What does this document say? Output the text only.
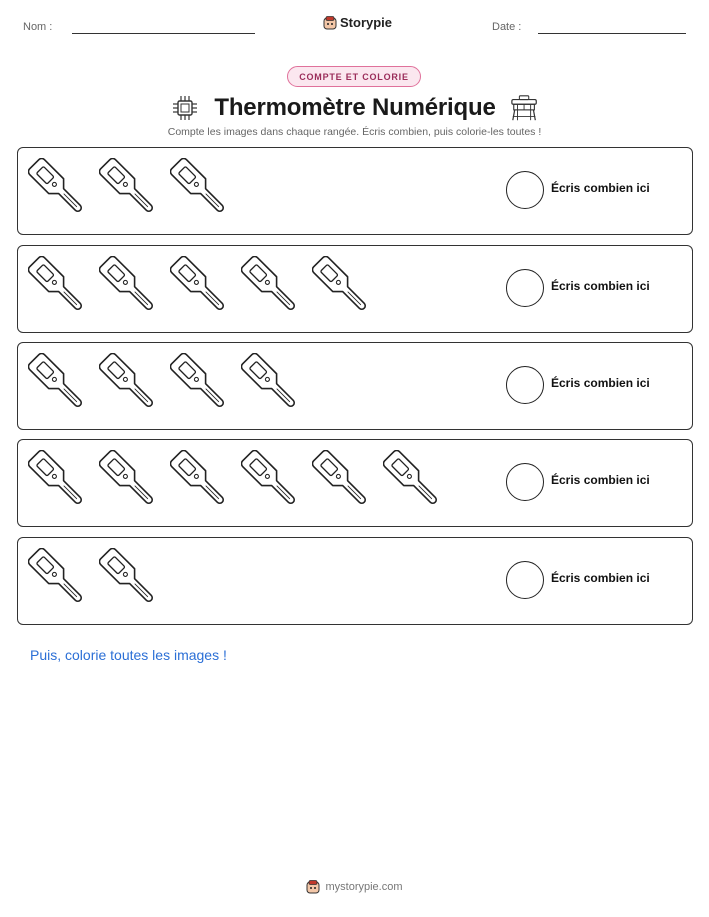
Nom :	Storypie	Date :
COMPTE ET COLORIE
Thermomètre Numérique
Compte les images dans chaque rangée. Écris combien, puis colorie-les toutes !
Écris combien ici
Écris combien ici
Écris combien ici
Écris combien ici
Écris combien ici
Puis, colorie toutes les images !
mystorypie.com
